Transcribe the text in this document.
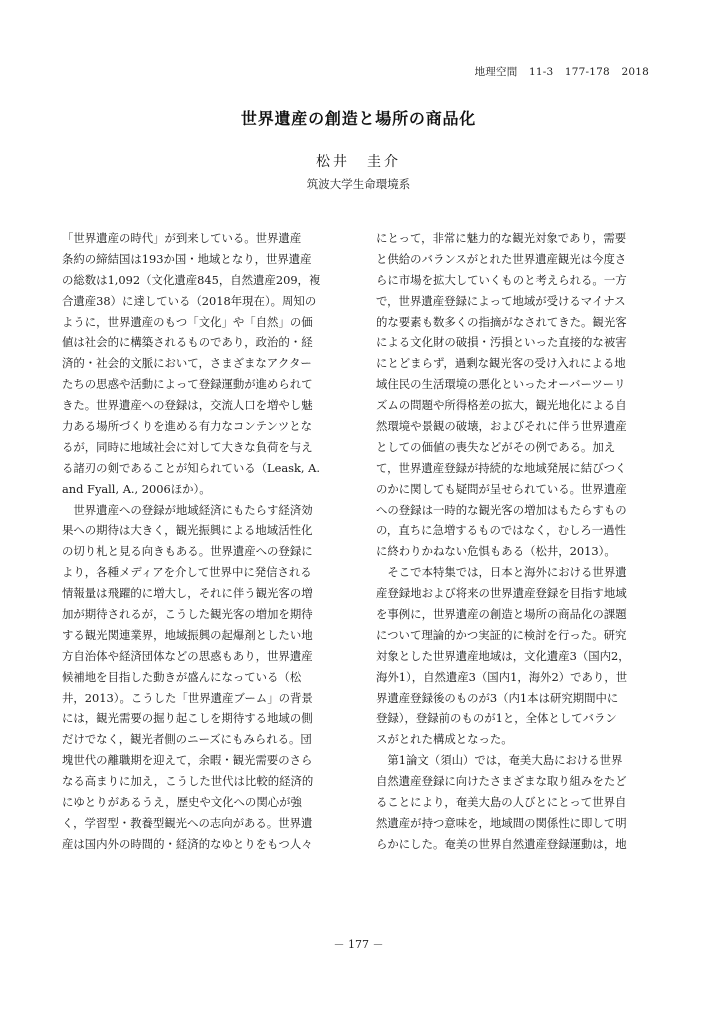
地理空間 11-3 177-178 2018
世界遺産の創造と場所の商品化
松井　圭介
筑波大学生命環境系
「世界遺産の時代」が到来している。世界遺産
条約の締結国は193か国・地域となり，世界遺産
の総数は1,092（文化遺産845，自然遺産209，複
合遺産38）に達している（2018年現在）。周知の
ように，世界遺産のもつ「文化」や「自然」の価
値は社会的に構築されるものであり，政治的・経
済的・社会的文脈において，さまざまなアクター
たちの思惑や活動によって登録運動が進められて
きた。世界遺産への登録は，交流人口を増やし魅
力ある場所づくりを進める有力なコンテンツとな
るが，同時に地域社会に対して大きな負荷を与え
る諸刃の剣であることが知られている（Leask, A.
and Fyall, A., 2006ほか）。
　世界遺産への登録が地域経済にもたらす経済効
果への期待は大きく，観光振興による地域活性化
の切り札と見る向きもある。世界遺産への登録に
より，各種メディアを介して世界中に発信される
情報量は飛躍的に増大し，それに伴う観光客の増
加が期待されるが，こうした観光客の増加を期待
する観光関連業界，地域振興の起爆剤としたい地
方自治体や経済団体などの思惑もあり，世界遺産
候補地を目指した動きが盛んになっている（松
井，2013）。こうした「世界遺産ブーム」の背景
には，観光需要の掘り起こしを期待する地域の側
だけでなく，観光者側のニーズにもみられる。団
塊世代の離職期を迎えて，余暇・観光需要のさら
なる高まりに加え，こうした世代は比較的経済的
にゆとりがあるうえ，歴史や文化への関心が強
く，学習型・教養型観光への志向がある。世界遺
産は国内外の時間的・経済的なゆとりをもつ人々
にとって，非常に魅力的な観光対象であり，需要
と供給のバランスがとれた世界遺産観光は今度さ
らに市場を拡大していくものと考えられる。一方
で，世界遺産登録によって地域が受けるマイナス
的な要素も数多くの指摘がなされてきた。観光客
による文化財の破損・汚損といった直接的な被害
にとどまらず，過剰な観光客の受け入れによる地
域住民の生活環境の悪化といったオーバーツーリ
ズムの問題や所得格差の拡大，観光地化による自
然環境や景観の破壊，およびそれに伴う世界遺産
としての価値の喪失などがその例である。加え
て，世界遺産登録が持続的な地域発展に結びつく
のかに関しても疑問が呈せられている。世界遺産
への登録は一時的な観光客の増加はもたらすもの
の，直ちに急増するものではなく，むしろ一過性
に終わりかねない危惧もある（松井，2013）。
　そこで本特集では，日本と海外における世界遺
産登録地および将来の世界遺産登録を目指す地域
を事例に，世界遺産の創造と場所の商品化の課題
について理論的かつ実証的に検討を行った。研究
対象とした世界遺産地域は，文化遺産3（国内2，
海外1），自然遺産3（国内1，海外2）であり，世
界遺産登録後のものが3（内1本は研究期間中に
登録），登録前のものが1と，全体としてバラン
スがとれた構成となった。
　第1論文（須山）では，奄美大島における世界
自然遺産登録に向けたさまざまな取り組みをたど
ることにより，奄美大島の人びとにとって世界自
然遺産が持つ意味を，地域間の関係性に即して明
らかにした。奄美の世界自然遺産登録運動は，地
－ 177 －
